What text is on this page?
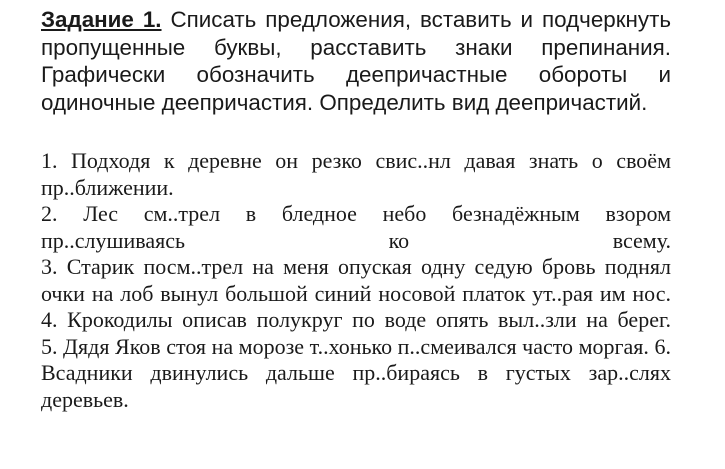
Задание 1. Списать предложения, вставить и подчеркнуть пропущенные буквы, расставить знаки препинания. Графически обозначить деепричастные обороты и одиночные деепричастия. Определить вид деепричастий.

1. Подходя к деревне он резко свис..нл давая знать о своём пр..ближении.
2. Лес см..трел в бледное небо безнадёжным взором пр..слушиваясь ко всему.
3. Старик посм..трел на меня опуская одну седую бровь поднял очки на лоб вынул большой синий носовой платок ут..рая им нос. 4. Крокодилы описав полукруг по воде опять выл..зли на берег.
5. Дядя Яков стоя на морозе т..хонько п..смеивался часто моргая. 6. Всадники двинулись дальше пр..бираясь в густых зар..слях деревьев.
